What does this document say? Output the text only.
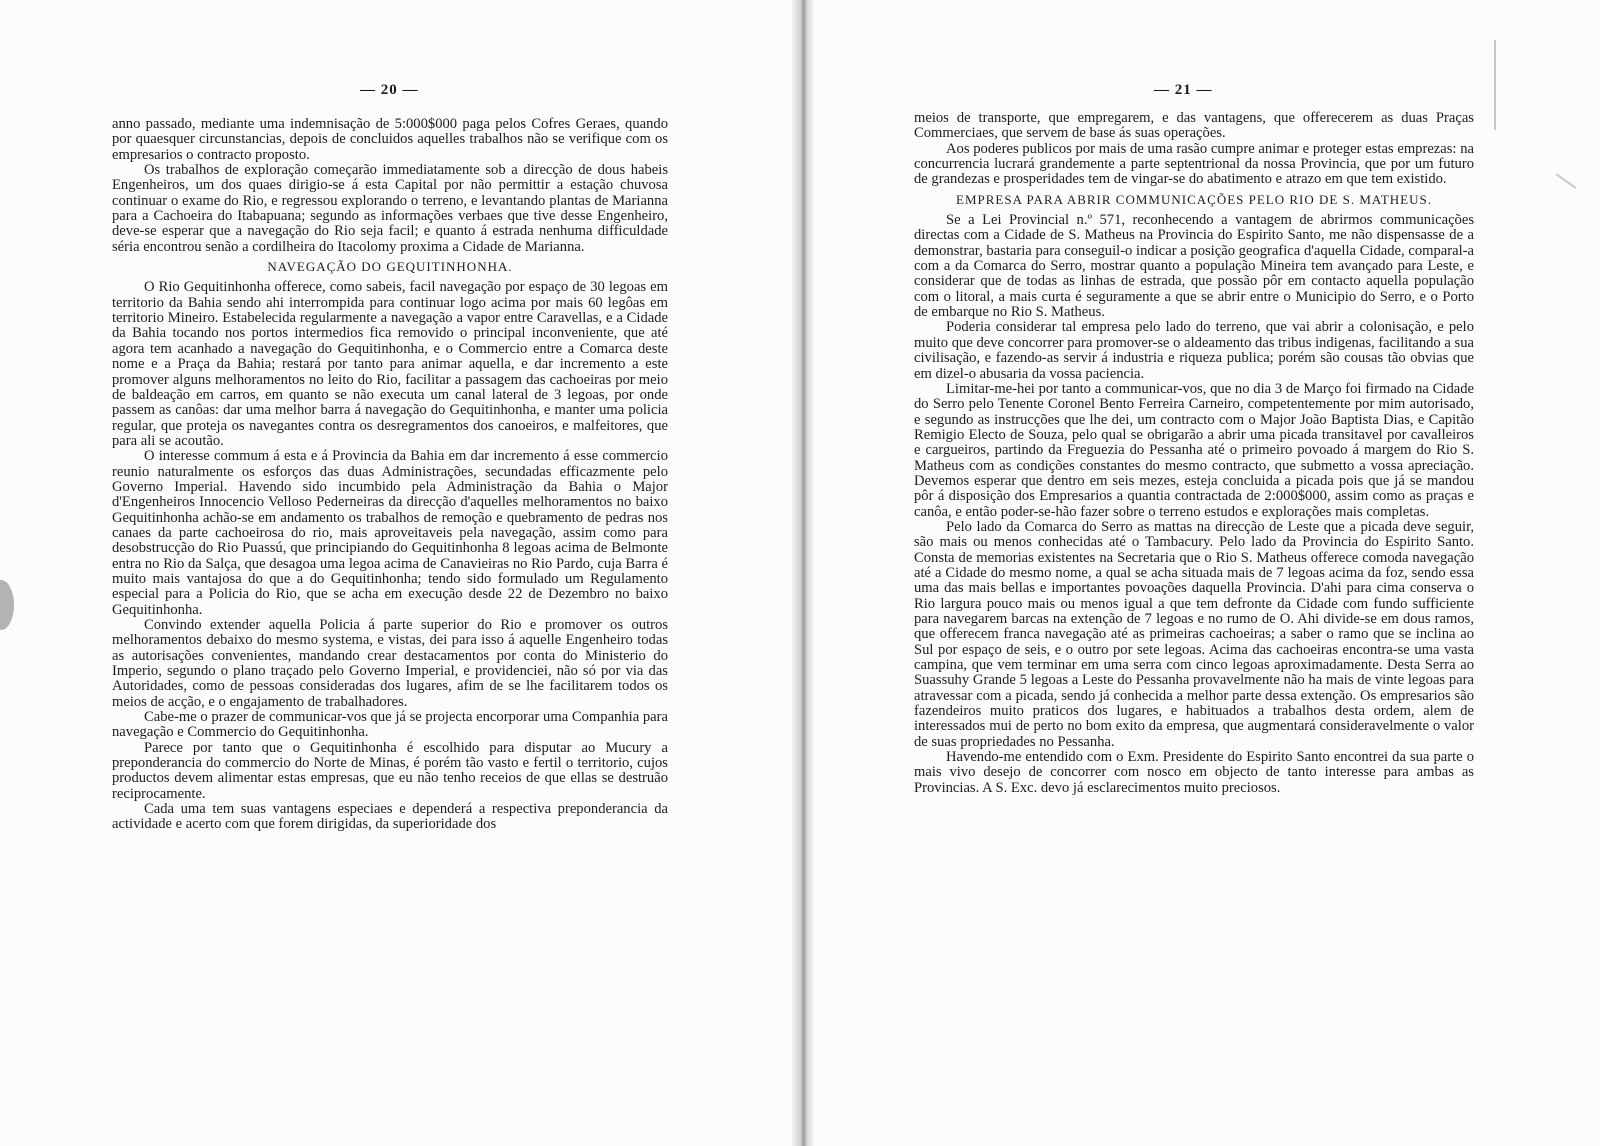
— 20 —

anno passado, mediante uma indemnisação de 5:000$000 paga pelos Cofres Geraes, quando por quaesquer circunstancias, depois de concluidos aquelles trabalhos não se verifique com os empresarios o contracto proposto.

Os trabalhos de exploração começarão immediatamente sob a direcção de dous habeis Engenheiros, um dos quaes dirigio-se á esta Capital por não permittir a estação chuvosa continuar o exame do Rio, e regressou explorando o terreno, e levantando plantas de Marianna para a Cachoeira do Itabapuana; segundo as informações verbaes que tive desse Engenheiro, deve-se esperar que a navegação do Rio seja facil; e quanto á estrada nenhuma difficuldade séria encontrou senão a cordilheira do Itacolomy proxima a Cidade de Marianna.

NAVEGAÇÃO DO GEQUITINHONHA.

O Rio Gequitinhonha offerece, como sabeis, facil navegação por espaço de 30 legoas em territorio da Bahia sendo ahi interrompida para continuar logo acima por mais 60 legôas em territorio Mineiro. Estabelecida regularmente a navegação a vapor entre Caravellas, e a Cidade da Bahia tocando nos portos intermedios fica removido o principal inconveniente, que até agora tem acanhado a navegação do Gequitinhonha, e o Commercio entre a Comarca deste nome e a Praça da Bahia; restará por tanto para animar aquella, e dar incremento a este promover alguns melhoramentos no leito do Rio, facilitar a passagem das cachoeiras por meio de baldeação em carros, em quanto se não executa um canal lateral de 3 legoas, por onde passem as canôas: dar uma melhor barra á navegação do Gequitinhonha, e manter uma policia regular, que proteja os navegantes contra os desregramentos dos canoeiros, e malfeitores, que para ali se acoutão.

O interesse commum á esta e á Provincia da Bahia em dar incremento á esse commercio reunio naturalmente os esforços das duas Administrações, secundadas efficazmente pelo Governo Imperial. Havendo sido incumbido pela Administração da Bahia o Major d'Engenheiros Innocencio Velloso Pederneiras da direcção d'aquelles melhoramentos no baixo Gequitinhonha achão-se em andamento os trabalhos de remoção e quebramento de pedras nos canaes da parte cachoeirosa do rio, mais aproveitaveis pela navegação, assim como para desobstrucção do Rio Puassú, que principiando do Gequitinhonha 8 legoas acima de Belmonte entra no Rio da Salça, que desagoa uma legoa acima de Canavieiras no Rio Pardo, cuja Barra é muito mais vantajosa do que a do Gequitinhonha; tendo sido formulado um Regulamento especial para a Policia do Rio, que se acha em execução desde 22 de Dezembro no baixo Gequitinhonha.

Convindo extender aquella Policia á parte superior do Rio e promover os outros melhoramentos debaixo do mesmo systema, e vistas, dei para isso á aquelle Engenheiro todas as autorisações convenientes, mandando crear destacamentos por conta do Ministerio do Imperio, segundo o plano traçado pelo Governo Imperial, e providenciei, não só por via das Autoridades, como de pessoas consideradas dos lugares, afim de se lhe facilitarem todos os meios de acção, e o engajamento de trabalhadores.

Cabe-me o prazer de communicar-vos que já se projecta encorporar uma Companhia para navegação e Commercio do Gequitinhonha.

Parece por tanto que o Gequitinhonha é escolhido para disputar ao Mucury a preponderancia do commercio do Norte de Minas, é porém tão vasto e fertil o territorio, cujos productos devem alimentar estas empresas, que eu não tenho receios de que ellas se destruão reciprocamente.

Cada uma tem suas vantagens especiaes e dependerá a respectiva preponderancia da actividade e acerto com que forem dirigidas, da superioridade dos

— 21 —

meios de transporte, que empregarem, e das vantagens, que offerecerem as duas Praças Commerciaes, que servem de base ás suas operações.

Aos poderes publicos por mais de uma rasão cumpre animar e proteger estas emprezas: na concurrencia lucrará grandemente a parte septentrional da nossa Provincia, que por um futuro de grandezas e prosperidades tem de vingar-se do abatimento e atrazo em que tem existido.

EMPRESA PARA ABRIR COMMUNICAÇÕES PELO RIO DE S. MATHEUS.

Se a Lei Provincial n.º 571, reconhecendo a vantagem de abrirmos communicações directas com a Cidade de S. Matheus na Provincia do Espirito Santo, me não dispensasse de a demonstrar, bastaria para conseguil-o indicar a posição geografica d'aquella Cidade, comparal-a com a da Comarca do Serro, mostrar quanto a população Mineira tem avançado para Leste, e considerar que de todas as linhas de estrada, que possão pôr em contacto aquella população com o litoral, a mais curta é seguramente a que se abrir entre o Municipio do Serro, e o Porto de embarque no Rio S. Matheus.

Poderia considerar tal empresa pelo lado do terreno, que vai abrir a colonisação, e pelo muito que deve concorrer para promover-se o aldeamento das tribus indigenas, facilitando a sua civilisação, e fazendo-as servir á industria e riqueza publica; porém são cousas tão obvias que em dizel-o abusaria da vossa paciencia.

Limitar-me-hei por tanto a communicar-vos, que no dia 3 de Março foi firmado na Cidade do Serro pelo Tenente Coronel Bento Ferreira Carneiro, competentemente por mim autorisado, e segundo as instrucções que lhe dei, um contracto com o Major João Baptista Dias, e Capitão Remigio Electo de Souza, pelo qual se obrigarão a abrir uma picada transitavel por cavalleiros e cargueiros, partindo da Freguezia do Pessanha até o primeiro povoado á margem do Rio S. Matheus com as condições constantes do mesmo contracto, que submetto a vossa apreciação. Devemos esperar que dentro em seis mezes, esteja concluida a picada pois que já se mandou pôr á disposição dos Empresarios a quantia contractada de 2:000$000, assim como as praças e canôa, e então poder-se-hão fazer sobre o terreno estudos e explorações mais completas.

Pelo lado da Comarca do Serro as mattas na direcção de Leste que a picada deve seguir, são mais ou menos conhecidas até o Tambacury. Pelo lado da Provincia do Espirito Santo. Consta de memorias existentes na Secretaria que o Rio S. Matheus offerece comoda navegação até a Cidade do mesmo nome, a qual se acha situada mais de 7 legoas acima da foz, sendo essa uma das mais bellas e importantes povoações daquella Provincia. D'ahi para cima conserva o Rio largura pouco mais ou menos igual a que tem defronte da Cidade com fundo sufficiente para navegarem barcas na extenção de 7 legoas e no rumo de O. Ahi divide-se em dous ramos, que offerecem franca navegação até as primeiras cachoeiras; a saber o ramo que se inclina ao Sul por espaço de seis, e o outro por sete legoas. Acima das cachoeiras encontra-se uma vasta campina, que vem terminar em uma serra com cinco legoas aproximadamente. Desta Serra ao Suassuhy Grande 5 legoas a Leste do Pessanha provavelmente não ha mais de vinte legoas para atravessar com a picada, sendo já conhecida a melhor parte dessa extenção. Os empresarios são fazendeiros muito praticos dos lugares, e habituados a trabalhos desta ordem, alem de interessados mui de perto no bom exito da empresa, que augmentará consideravelmente o valor de suas propriedades no Pessanha.

Havendo-me entendido com o Exm. Presidente do Espirito Santo encontrei da sua parte o mais vivo desejo de concorrer com nosco em objecto de tanto interesse para ambas as Provincias. A S. Exc. devo já esclarecimentos muito preciosos.
